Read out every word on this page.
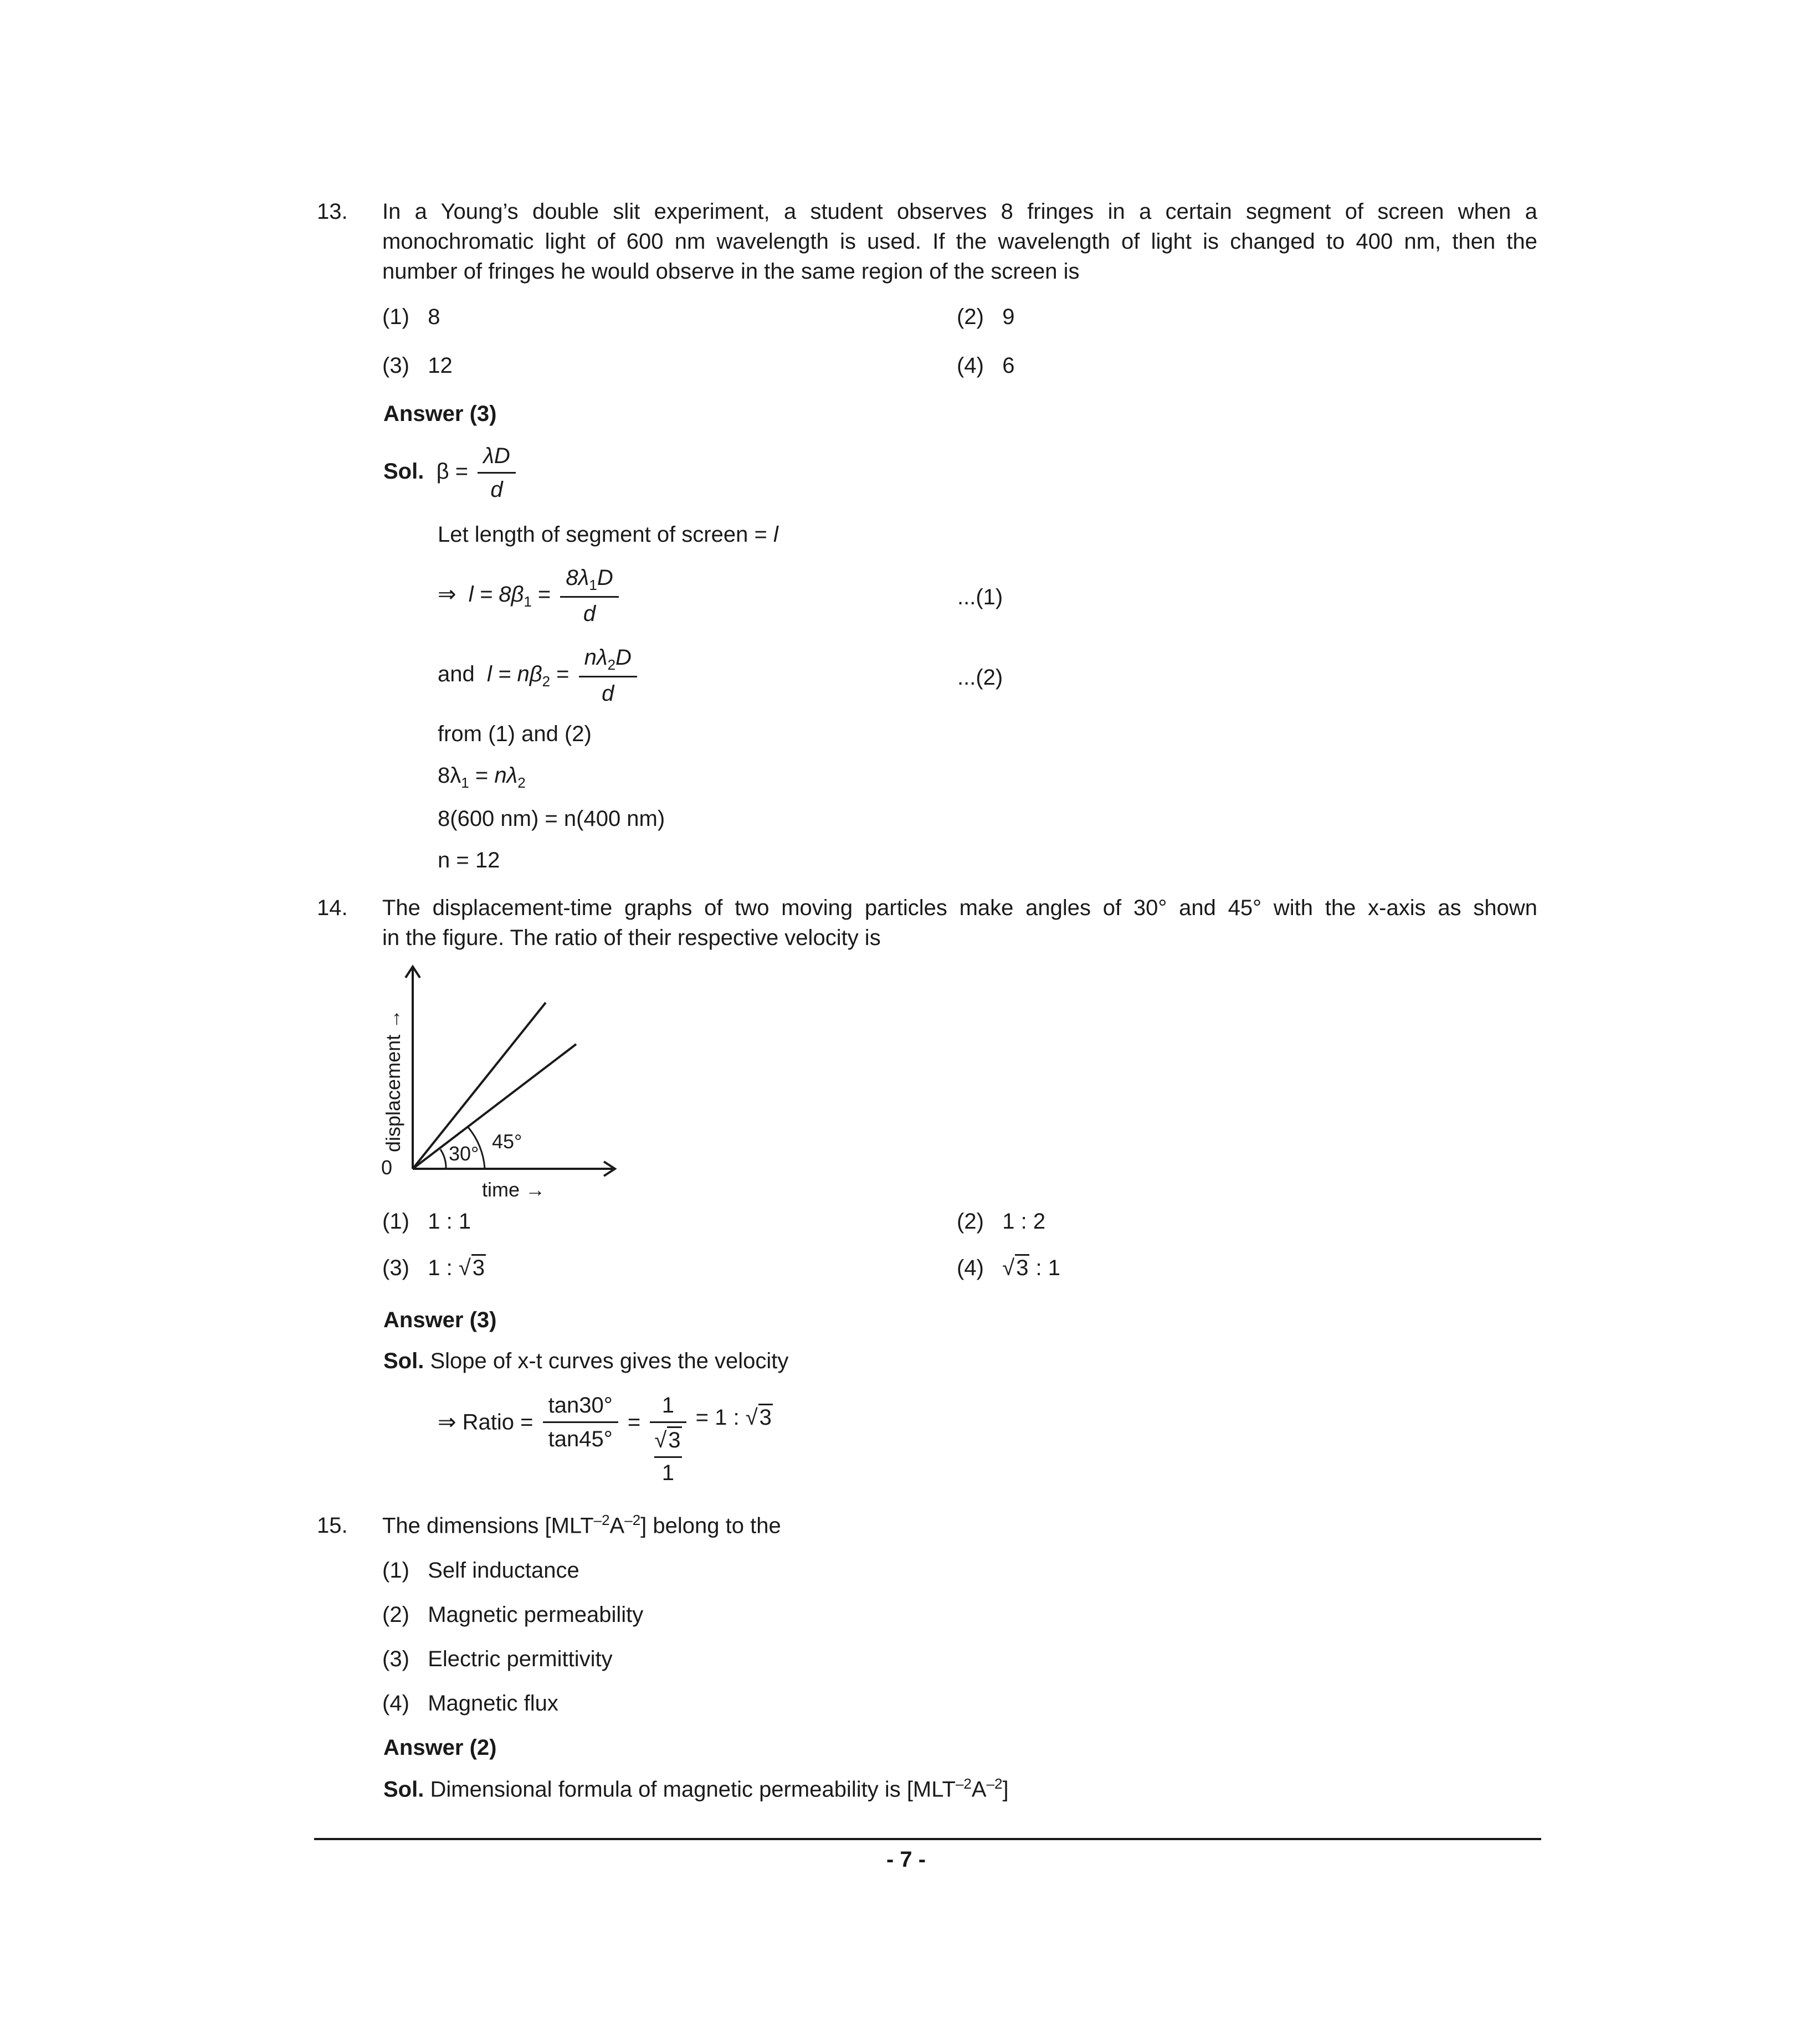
13. In a Young’s double slit experiment, a student observes 8 fringes in a certain segment of screen when a
monochromatic light of 600 nm wavelength is used. If the wavelength of light is changed to 400 nm, then the
number of fringes he would observe in the same region of the screen is
(1) 8	(2) 9
(3) 12	(4) 6
Answer (3)
Sol. $\beta = \frac{\lambda D}{d}$
Let length of segment of screen = l
⇒ $l = 8\beta_1 = \frac{8\lambda_1D}{d}$	...(1)
and $l = n\beta_2 = \frac{n\lambda_2D}{d}$	...(2)
from (1) and (2)
$8\lambda_1 = n\lambda_2$
8(600 nm) = n(400 nm)
n = 12
14. The displacement-time graphs of two moving particles make angles of 30° and 45° with the x-axis as shown
in the figure. The ratio of their respective velocity is
0
30°
45°
time →
displacement →
(1) 1 : 1	(2) 1 : 2
(3) 1 : √3	(4)   √3 : 1
Answer (3)
Sol. Slope of x-t curves gives the velocity
⇒ Ratio = $\frac{\tan 30^\circ}{\tan 45^\circ} = 1$
√3
1 = 1 : √3
15. The dimensions $[MLT^{-2}A^{-2}]$ belong to the
(1) Self inductance
(2) Magnetic permeability
(3) Electric permittivity
(4) Magnetic flux
Answer (2)
Sol. Dimensional formula of magnetic permeability is $[MLT^{-2}A^{-2}]$
- 7 -
